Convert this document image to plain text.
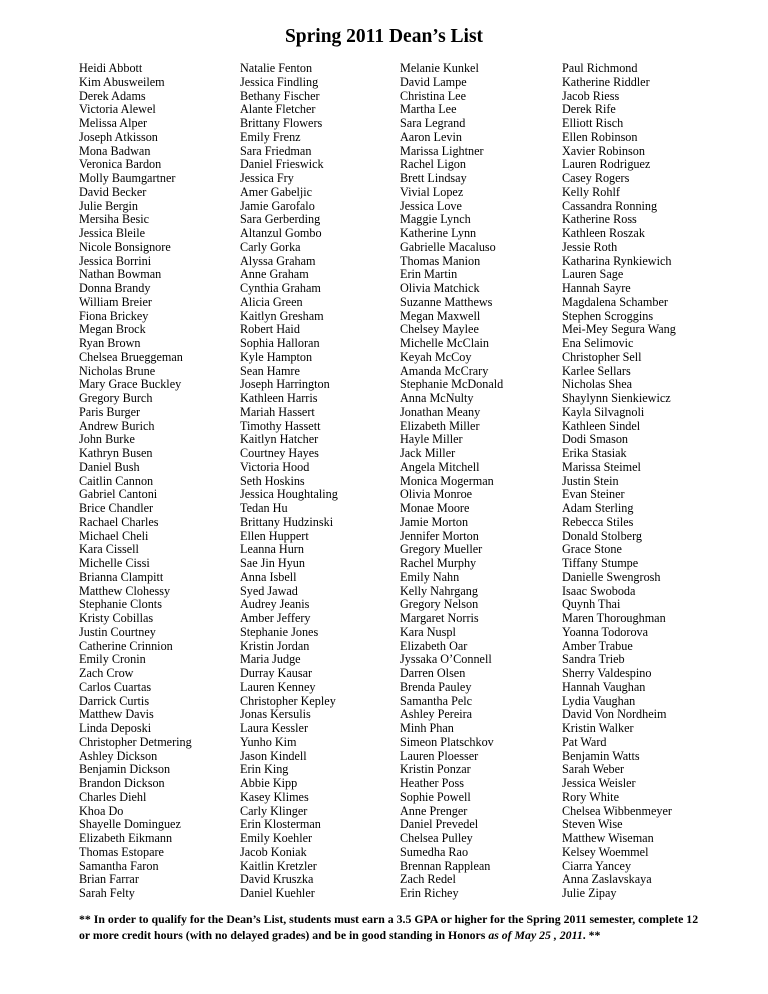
Spring 2011 Dean’s List
Heidi Abbott
Kim Abusweilem
Derek Adams
Victoria Alewel
Melissa Alper
Joseph Atkisson
Mona Badwan
Veronica Bardon
Molly Baumgartner
David Becker
Julie Bergin
Mersiha Besic
Jessica Bleile
Nicole Bonsignore
Jessica Borrini
Nathan Bowman
Donna Brandy
William Breier
Fiona Brickey
Megan Brock
Ryan Brown
Chelsea Brueggeman
Nicholas Brune
Mary Grace Buckley
Gregory Burch
Paris Burger
Andrew Burich
John Burke
Kathryn Busen
Daniel Bush
Caitlin Cannon
Gabriel Cantoni
Brice Chandler
Rachael Charles
Michael Cheli
Kara Cissell
Michelle Cissi
Brianna Clampitt
Matthew Clohessy
Stephanie Clonts
Kristy Cobillas
Justin Courtney
Catherine Crinnion
Emily Cronin
Zach Crow
Carlos Cuartas
Darrick Curtis
Matthew Davis
Linda Deposki
Christopher Detmering
Ashley Dickson
Benjamin Dickson
Brandon Dickson
Charles Diehl
Khoa Do
Shayelle Dominguez
Elizabeth Eikmann
Thomas Estopare
Samantha Faron
Brian Farrar
Sarah Felty
Natalie Fenton
Jessica Findling
Bethany Fischer
Alante Fletcher
Brittany Flowers
Emily Frenz
Sara Friedman
Daniel Frieswick
Jessica Fry
Amer Gabeljic
Jamie Garofalo
Sara Gerberding
Altanzul Gombo
Carly Gorka
Alyssa Graham
Anne Graham
Cynthia Graham
Alicia Green
Kaitlyn Gresham
Robert Haid
Sophia Halloran
Kyle Hampton
Sean Hamre
Joseph Harrington
Kathleen Harris
Mariah Hassert
Timothy Hassett
Kaitlyn Hatcher
Courtney Hayes
Victoria Hood
Seth Hoskins
Jessica Houghtaling
Tedan Hu
Brittany Hudzinski
Ellen Huppert
Leanna Hurn
Sae Jin Hyun
Anna Isbell
Syed Jawad
Audrey Jeanis
Amber Jeffery
Stephanie Jones
Kristin Jordan
Maria Judge
Durray Kausar
Lauren Kenney
Christopher Kepley
Jonas Kersulis
Laura Kessler
Yunho Kim
Jason Kindell
Erin King
Abbie Kipp
Kasey Klimes
Carly Klinger
Erin Klosterman
Emily Koehler
Jacob Koniak
Kaitlin Kretzler
David Kruszka
Daniel Kuehler
Melanie Kunkel
David Lampe
Christina Lee
Martha Lee
Sara Legrand
Aaron Levin
Marissa Lightner
Rachel Ligon
Brett Lindsay
Vivial Lopez
Jessica Love
Maggie Lynch
Katherine Lynn
Gabrielle Macaluso
Thomas Manion
Erin Martin
Olivia Matchick
Suzanne Matthews
Megan Maxwell
Chelsey Maylee
Michelle McClain
Keyah McCoy
Amanda McCrary
Stephanie McDonald
Anna McNulty
Jonathan Meany
Elizabeth Miller
Hayle Miller
Jack Miller
Angela Mitchell
Monica Mogerman
Olivia Monroe
Monae Moore
Jamie Morton
Jennifer Morton
Gregory Mueller
Rachel Murphy
Emily Nahn
Kelly Nahrgang
Gregory Nelson
Margaret Norris
Kara Nuspl
Elizabeth Oar
Jyssaka O’Connell
Darren Olsen
Brenda Pauley
Samantha Pelc
Ashley Pereira
Minh Phan
Simeon Platschkov
Lauren Ploesser
Kristin Ponzar
Heather Poss
Sophie Powell
Anne Prenger
Daniel Prevedel
Chelsea Pulley
Sumedha Rao
Brennan Rapplean
Zach Redel
Erin Richey
Paul Richmond
Katherine Riddler
Jacob Riess
Derek Rife
Elliott Risch
Ellen Robinson
Xavier Robinson
Lauren Rodriguez
Casey Rogers
Kelly Rohlf
Cassandra Ronning
Katherine Ross
Kathleen Roszak
Jessie Roth
Katharina Rynkiewich
Lauren Sage
Hannah Sayre
Magdalena Schamber
Stephen Scroggins
Mei-Mey Segura Wang
Ena Selimovic
Christopher Sell
Karlee Sellars
Nicholas Shea
Shaylynn Sienkiewicz
Kayla Silvagnoli
Kathleen Sindel
Dodi Smason
Erika Stasiak
Marissa Steimel
Justin Stein
Evan Steiner
Adam Sterling
Rebecca Stiles
Donald Stolberg
Grace Stone
Tiffany Stumpe
Danielle Swengrosh
Isaac Swoboda
Quynh Thai
Maren Thoroughman
Yoanna Todorova
Amber Trabue
Sandra Trieb
Sherry Valdespino
Hannah Vaughan
Lydia Vaughan
David Von Nordheim
Kristin Walker
Pat Ward
Benjamin Watts
Sarah Weber
Jessica Weisler
Rory White
Chelsea Wibbenmeyer
Steven Wise
Matthew Wiseman
Kelsey Woemmel
Ciarra Yancey
Anna Zaslavskaya
Julie Zipay

** In order to qualify for the Dean’s List, students must earn a 3.5 GPA or higher for the Spring 2011 semester, complete 12 or more credit hours (with no delayed grades) and be in good standing in Honors as of May 25 , 2011. **
